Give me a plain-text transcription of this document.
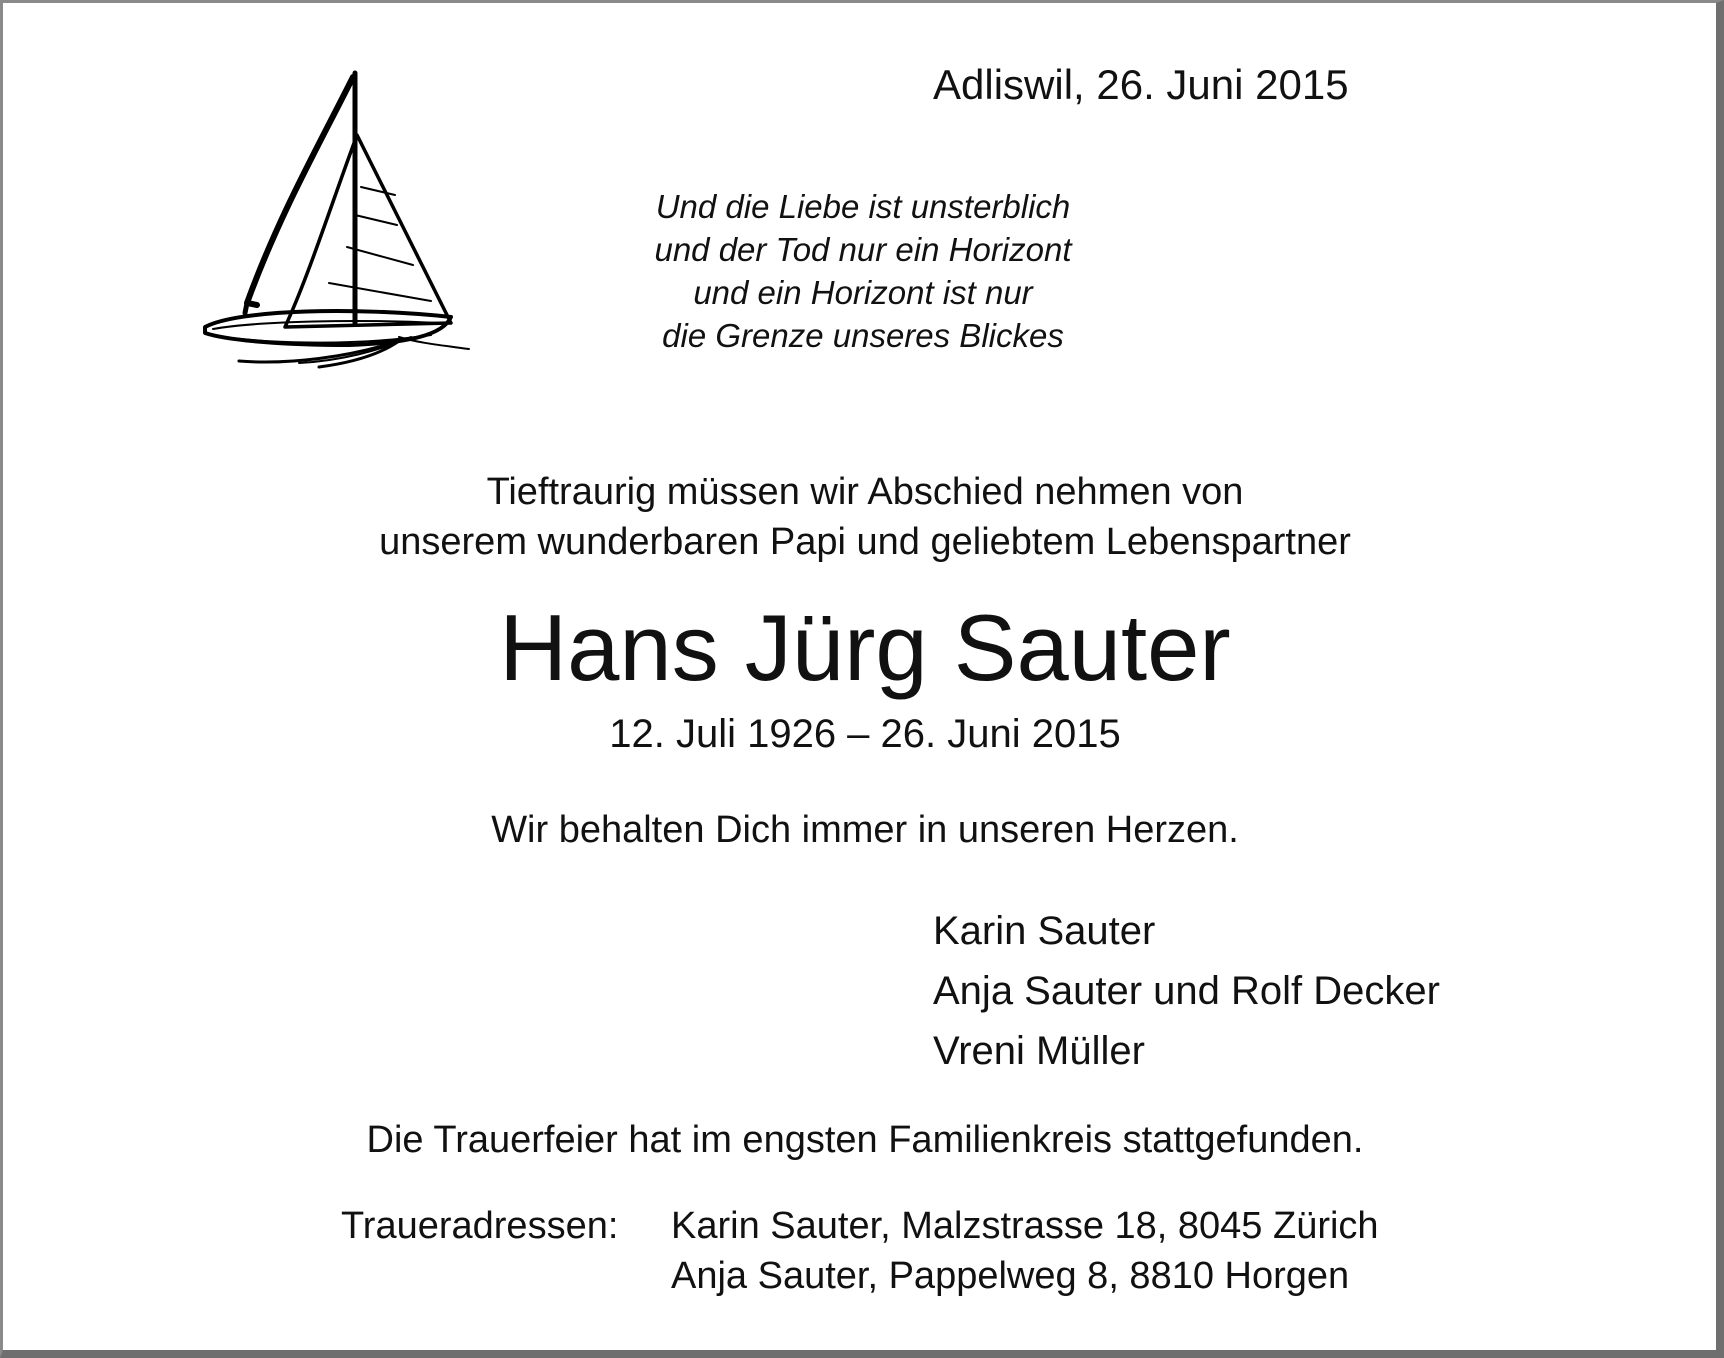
Adliswil, 26. Juni 2015
Und die Liebe ist unsterblich
und der Tod nur ein Horizont
und ein Horizont ist nur
die Grenze unseres Blickes
Tieftraurig müssen wir Abschied nehmen von
unserem wunderbaren Papi und geliebtem Lebenspartner
Hans Jürg Sauter
12. Juli 1926 – 26. Juni 2015
Wir behalten Dich immer in unseren Herzen.
Karin Sauter
Anja Sauter und Rolf Decker
Vreni Müller
Die Trauerfeier hat im engsten Familienkreis stattgefunden.
Traueradressen: Karin Sauter, Malzstrasse 18, 8045 Zürich
Anja Sauter, Pappelweg 8, 8810 Horgen
